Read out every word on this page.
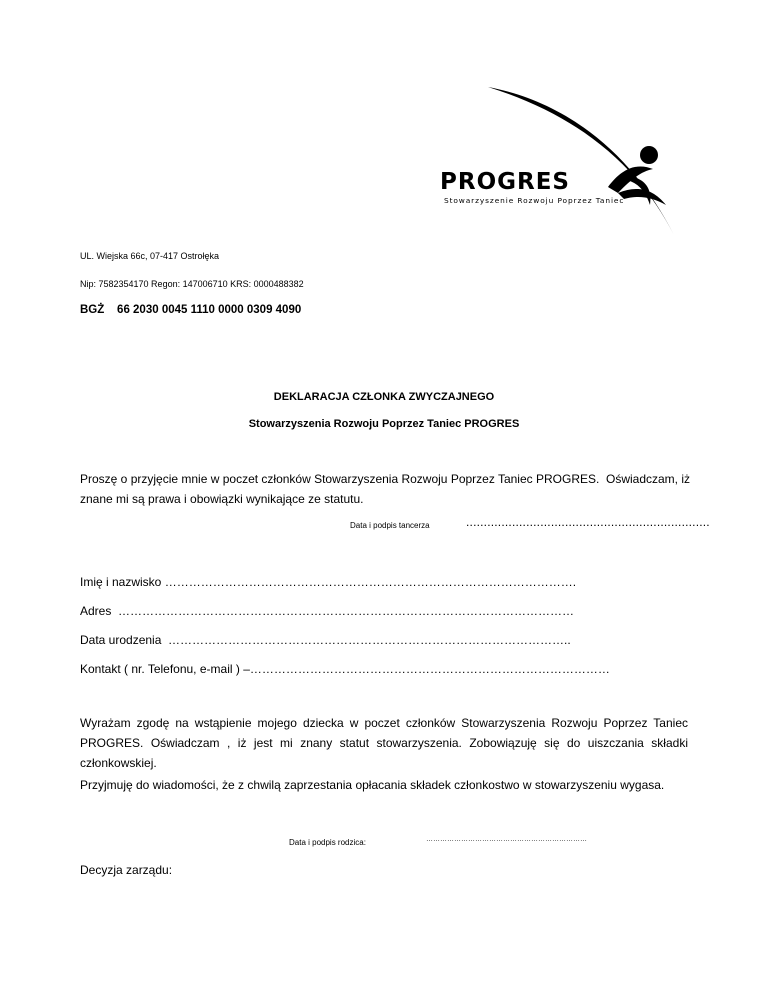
PROGRES
Stowarzyszenie Rozwoju Poprzez Taniec
UL. Wiejska 66c, 07-417 Ostrołęka
Nip: 7582354170 Regon: 147006710 KRS: 0000488382
BGŻ    66 2030 0045 1110 0000 0309 4090
DEKLARACJA CZŁONKA ZWYCZAJNEGO
Stowarzyszenia Rozwoju Poprzez Taniec PROGRES
Proszę o przyjęcie mnie w poczet członków Stowarzyszenia Rozwoju Poprzez Taniec PROGRES.  Oświadczam, iż
znane mi są prawa i obowiązki wynikające ze statutu.
Data i podpis tancerza	.....................................................................
Imię i nazwisko ………………………………………………………………………………………….
Adres  ……………………………………………………………………………………………………
Data urodzenia  ………………………………………………………………………………………..
Kontakt ( nr. Telefonu, e-mail ) –………………………………………………………………………………
Wyrażam zgodę na wstąpienie mojego dziecka w poczet członków Stowarzyszenia Rozwoju Poprzez Taniec PROGRES. Oświadczam , iż jest mi znany statut stowarzyszenia. Zobowiązuję się do uiszczania składki członkowskiej.
Przyjmuję do wiadomości, że z chwilą zaprzestania opłacania składek członkostwo w stowarzyszeniu wygasa.
Data i podpis rodzica:	……………………………………………………………
Decyzja zarządu:
